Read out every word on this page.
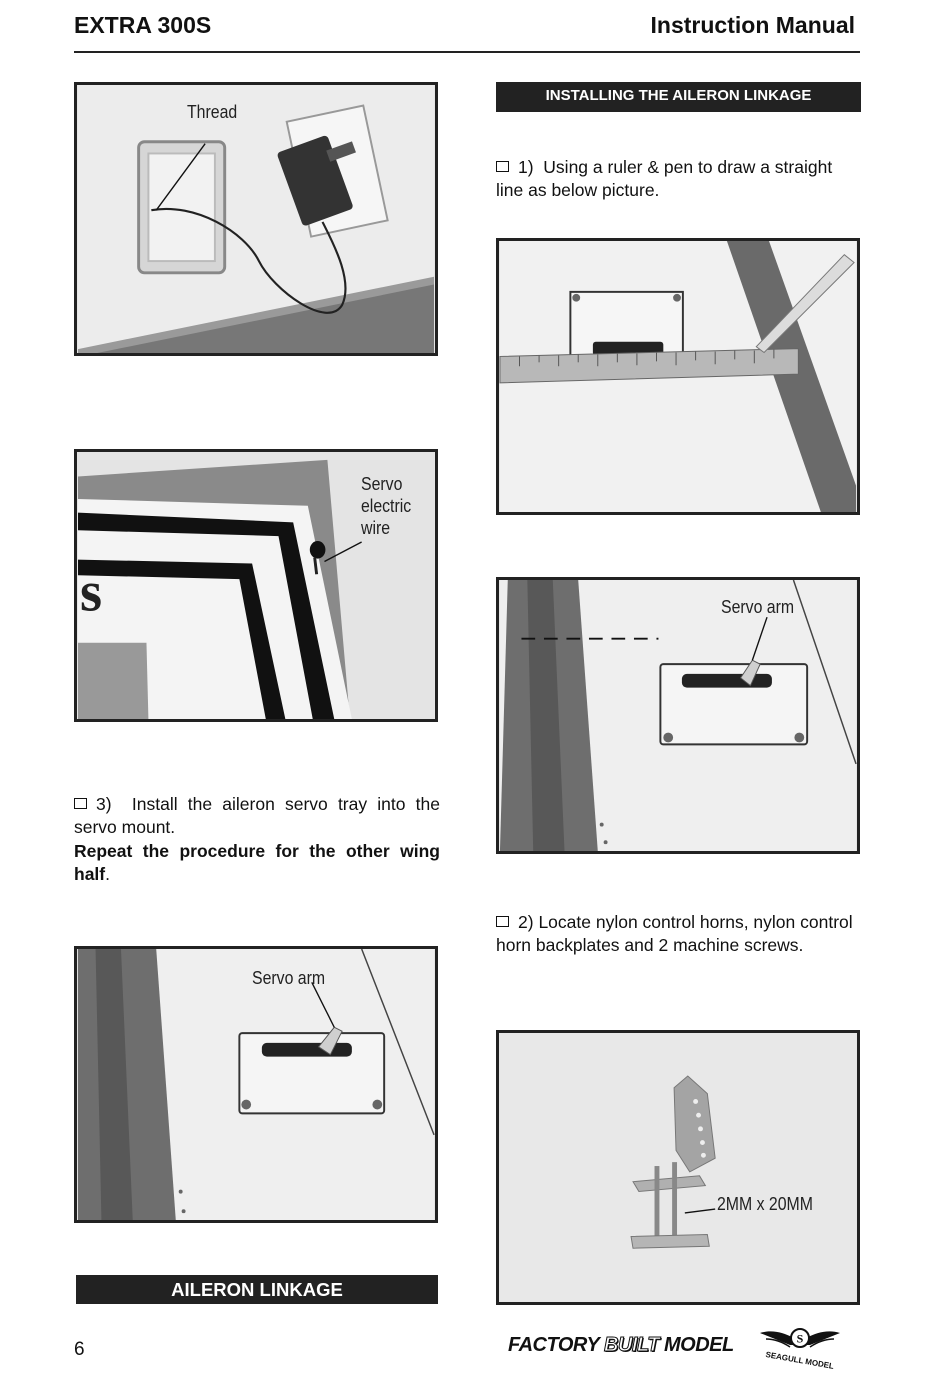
EXTRA 300S	Instruction Manual
Thread
s
Servo
electric
wire
3) Install the aileron servo tray into the servo mount.
Repeat the procedure for the other wing half.
Servo arm
AILERON LINKAGE
INSTALLING THE AILERON LINKAGE
1) Using a ruler & pen to draw a straight line as below picture.
Servo arm
2) Locate nylon control horns, nylon control horn backplates and 2 machine screws.
2MM x 20MM
6	FACTORY BUILT MODEL	S
SEAGULL MODEL
